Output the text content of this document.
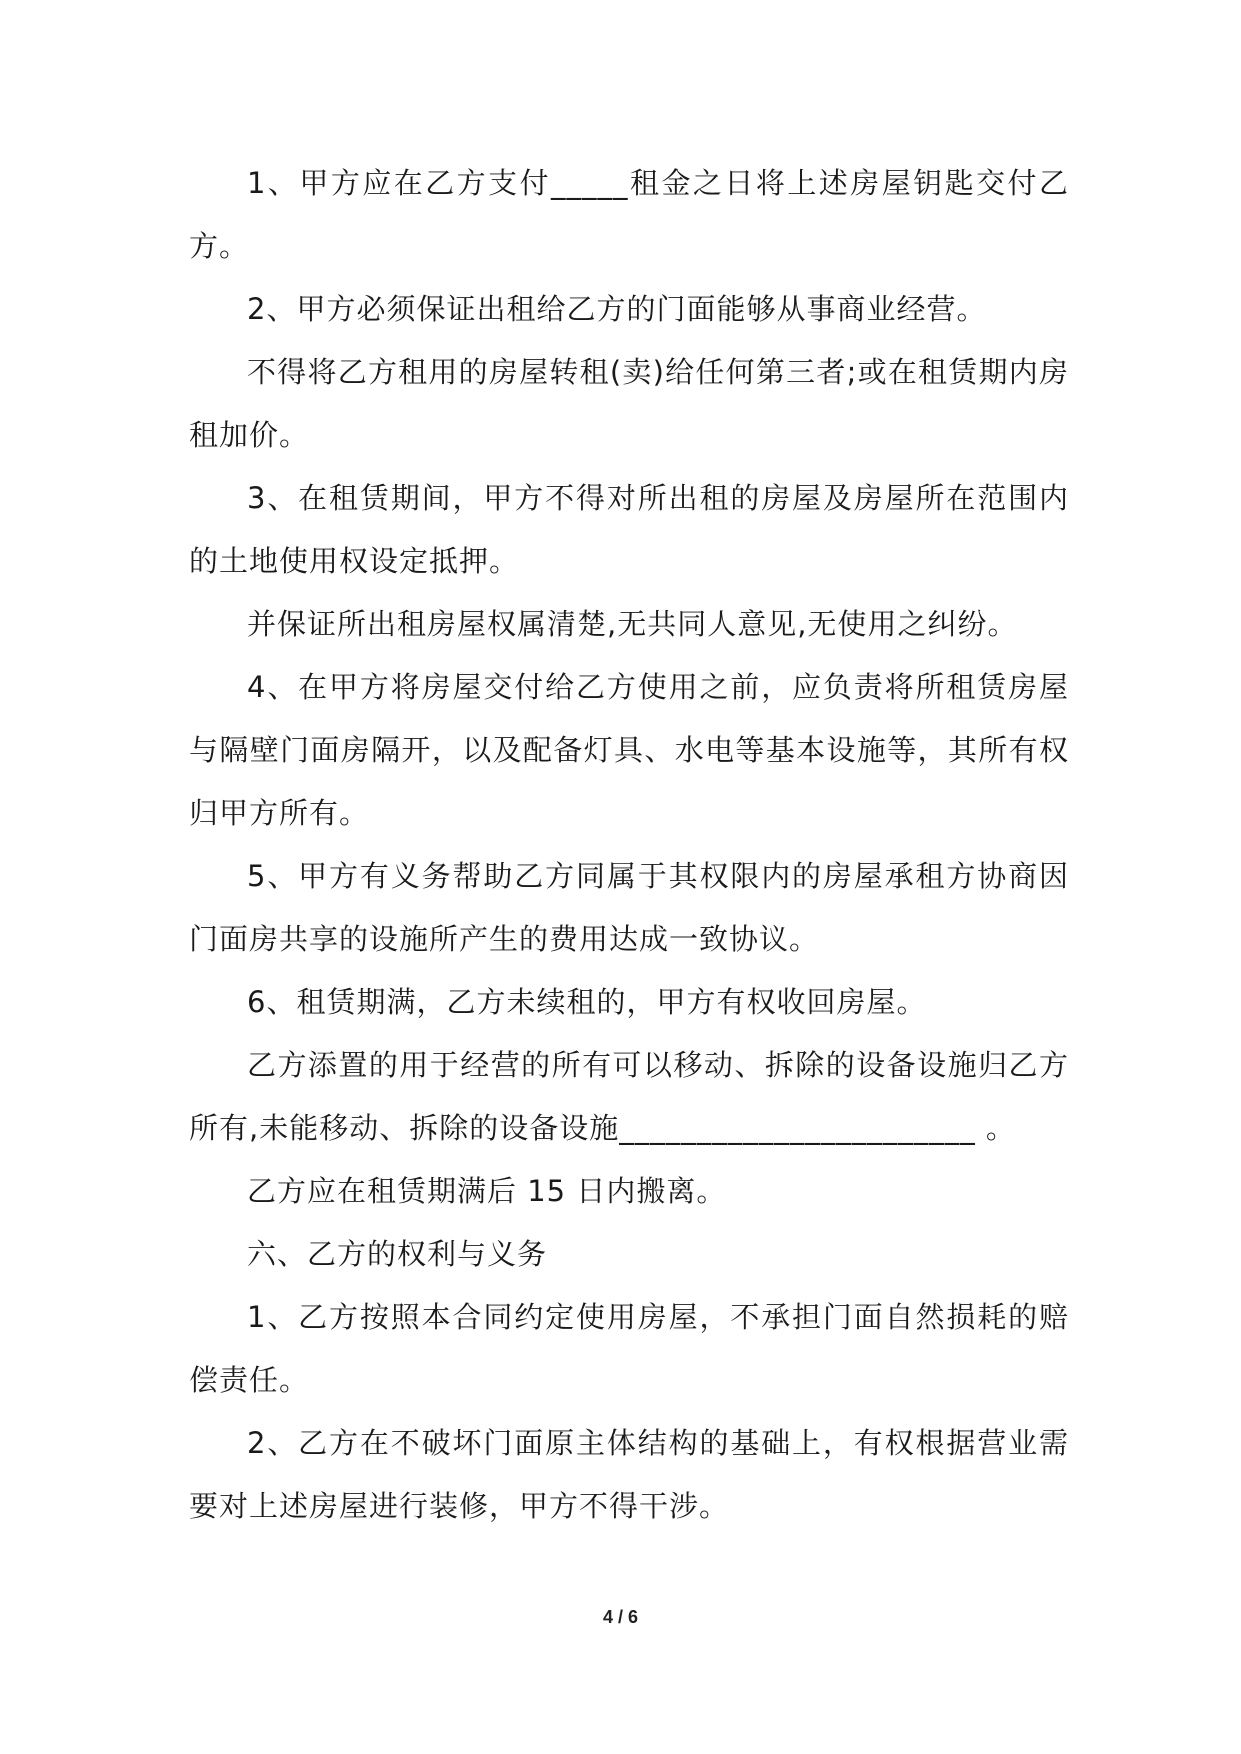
1、甲方应在乙方支付_____租金之日将上述房屋钥匙交付乙方。

2、甲方必须保证出租给乙方的门面能够从事商业经营。

不得将乙方租用的房屋转租(卖)给任何第三者;或在租赁期内房租加价。

3、在租赁期间，甲方不得对所出租的房屋及房屋所在范围内的土地使用权设定抵押。

并保证所出租房屋权属清楚,无共同人意见,无使用之纠纷。

4、在甲方将房屋交付给乙方使用之前，应负责将所租赁房屋与隔壁门面房隔开，以及配备灯具、水电等基本设施等，其所有权归甲方所有。

5、甲方有义务帮助乙方同属于其权限内的房屋承租方协商因门面房共享的设施所产生的费用达成一致协议。

6、租赁期满，乙方未续租的，甲方有权收回房屋。

乙方添置的用于经营的所有可以移动、拆除的设备设施归乙方所有,未能移动、拆除的设备设施_______________________ 。

乙方应在租赁期满后 15 日内搬离。

六、乙方的权利与义务

1、乙方按照本合同约定使用房屋，不承担门面自然损耗的赔偿责任。

2、乙方在不破坏门面原主体结构的基础上，有权根据营业需要对上述房屋进行装修，甲方不得干涉。

4 / 6
